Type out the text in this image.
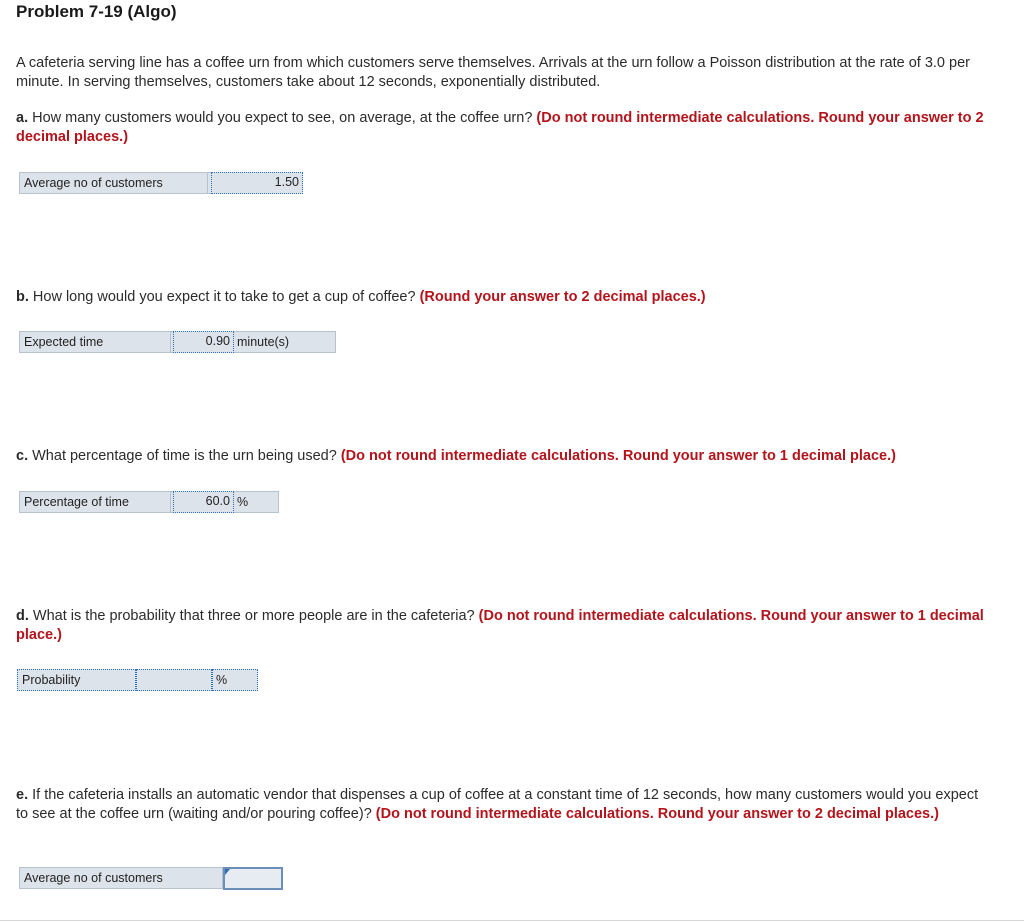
Problem 7-19 (Algo)
A cafeteria serving line has a coffee urn from which customers serve themselves. Arrivals at the urn follow a Poisson distribution at the rate of 3.0 per minute. In serving themselves, customers take about 12 seconds, exponentially distributed.
a. How many customers would you expect to see, on average, at the coffee urn? (Do not round intermediate calculations. Round your answer to 2 decimal places.)
Average no of customers	1.50
b. How long would you expect it to take to get a cup of coffee? (Round your answer to 2 decimal places.)
Expected time	0.90 minute(s)
c. What percentage of time is the urn being used? (Do not round intermediate calculations. Round your answer to 1 decimal place.)
Percentage of time	60.0 %
d. What is the probability that three or more people are in the cafeteria? (Do not round intermediate calculations. Round your answer to 1 decimal place.)
Probability	%
e. If the cafeteria installs an automatic vendor that dispenses a cup of coffee at a constant time of 12 seconds, how many customers would you expect to see at the coffee urn (waiting and/or pouring coffee)? (Do not round intermediate calculations. Round your answer to 2 decimal places.)
Average no of customers
